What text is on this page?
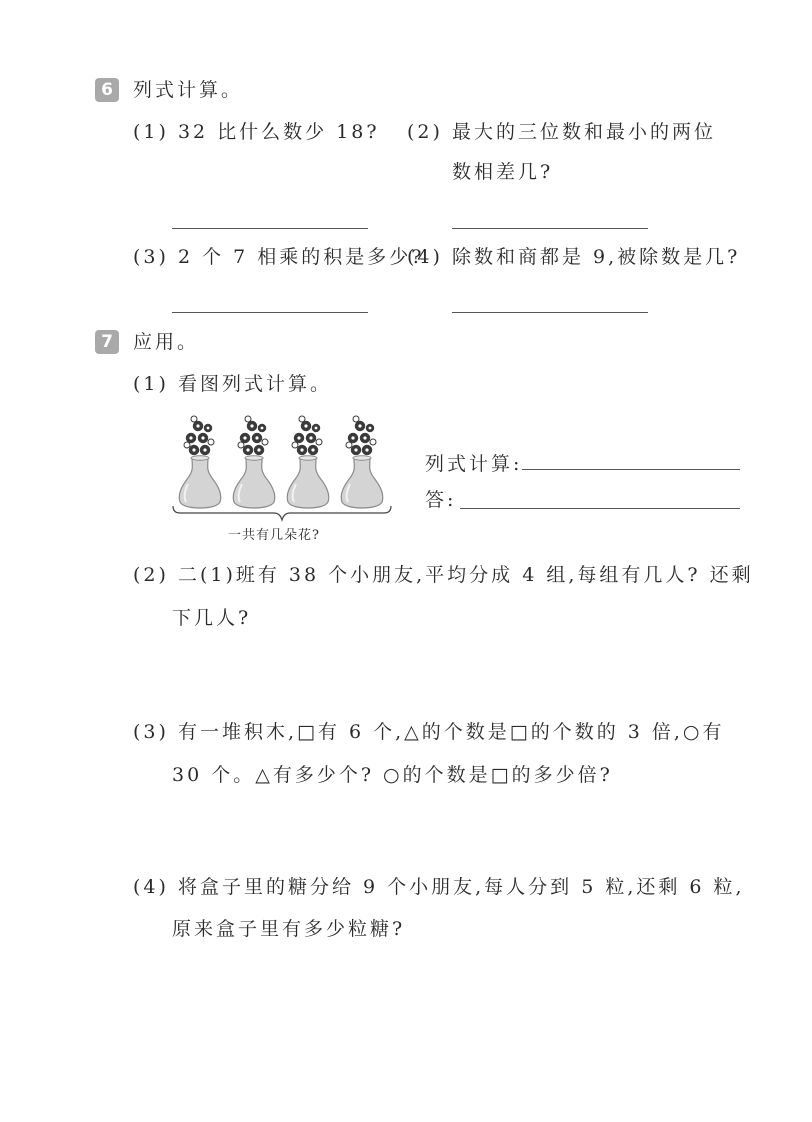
6	列式计算。
(1) 32 比什么数少 18? (2) 最大的三位数和最小的两位
数相差几?
(3) 2 个 7 相乘的积是多少?
(4) 除数和商都是 9,被除数是几?
7	应用。
(1) 看图列式计算。
一共有几朵花?
列式计算:
答:
(2) 二(1)班有 38 个小朋友,平均分成 4 组,每组有几人? 还剩
下几人?
(3) 有一堆积木,□有 6 个,△的个数是□的个数的 3 倍,○有
30 个。△有多少个? ○的个数是□的多少倍?
(4) 将盒子里的糖分给 9 个小朋友,每人分到 5 粒,还剩 6 粒,
原来盒子里有多少粒糖?
